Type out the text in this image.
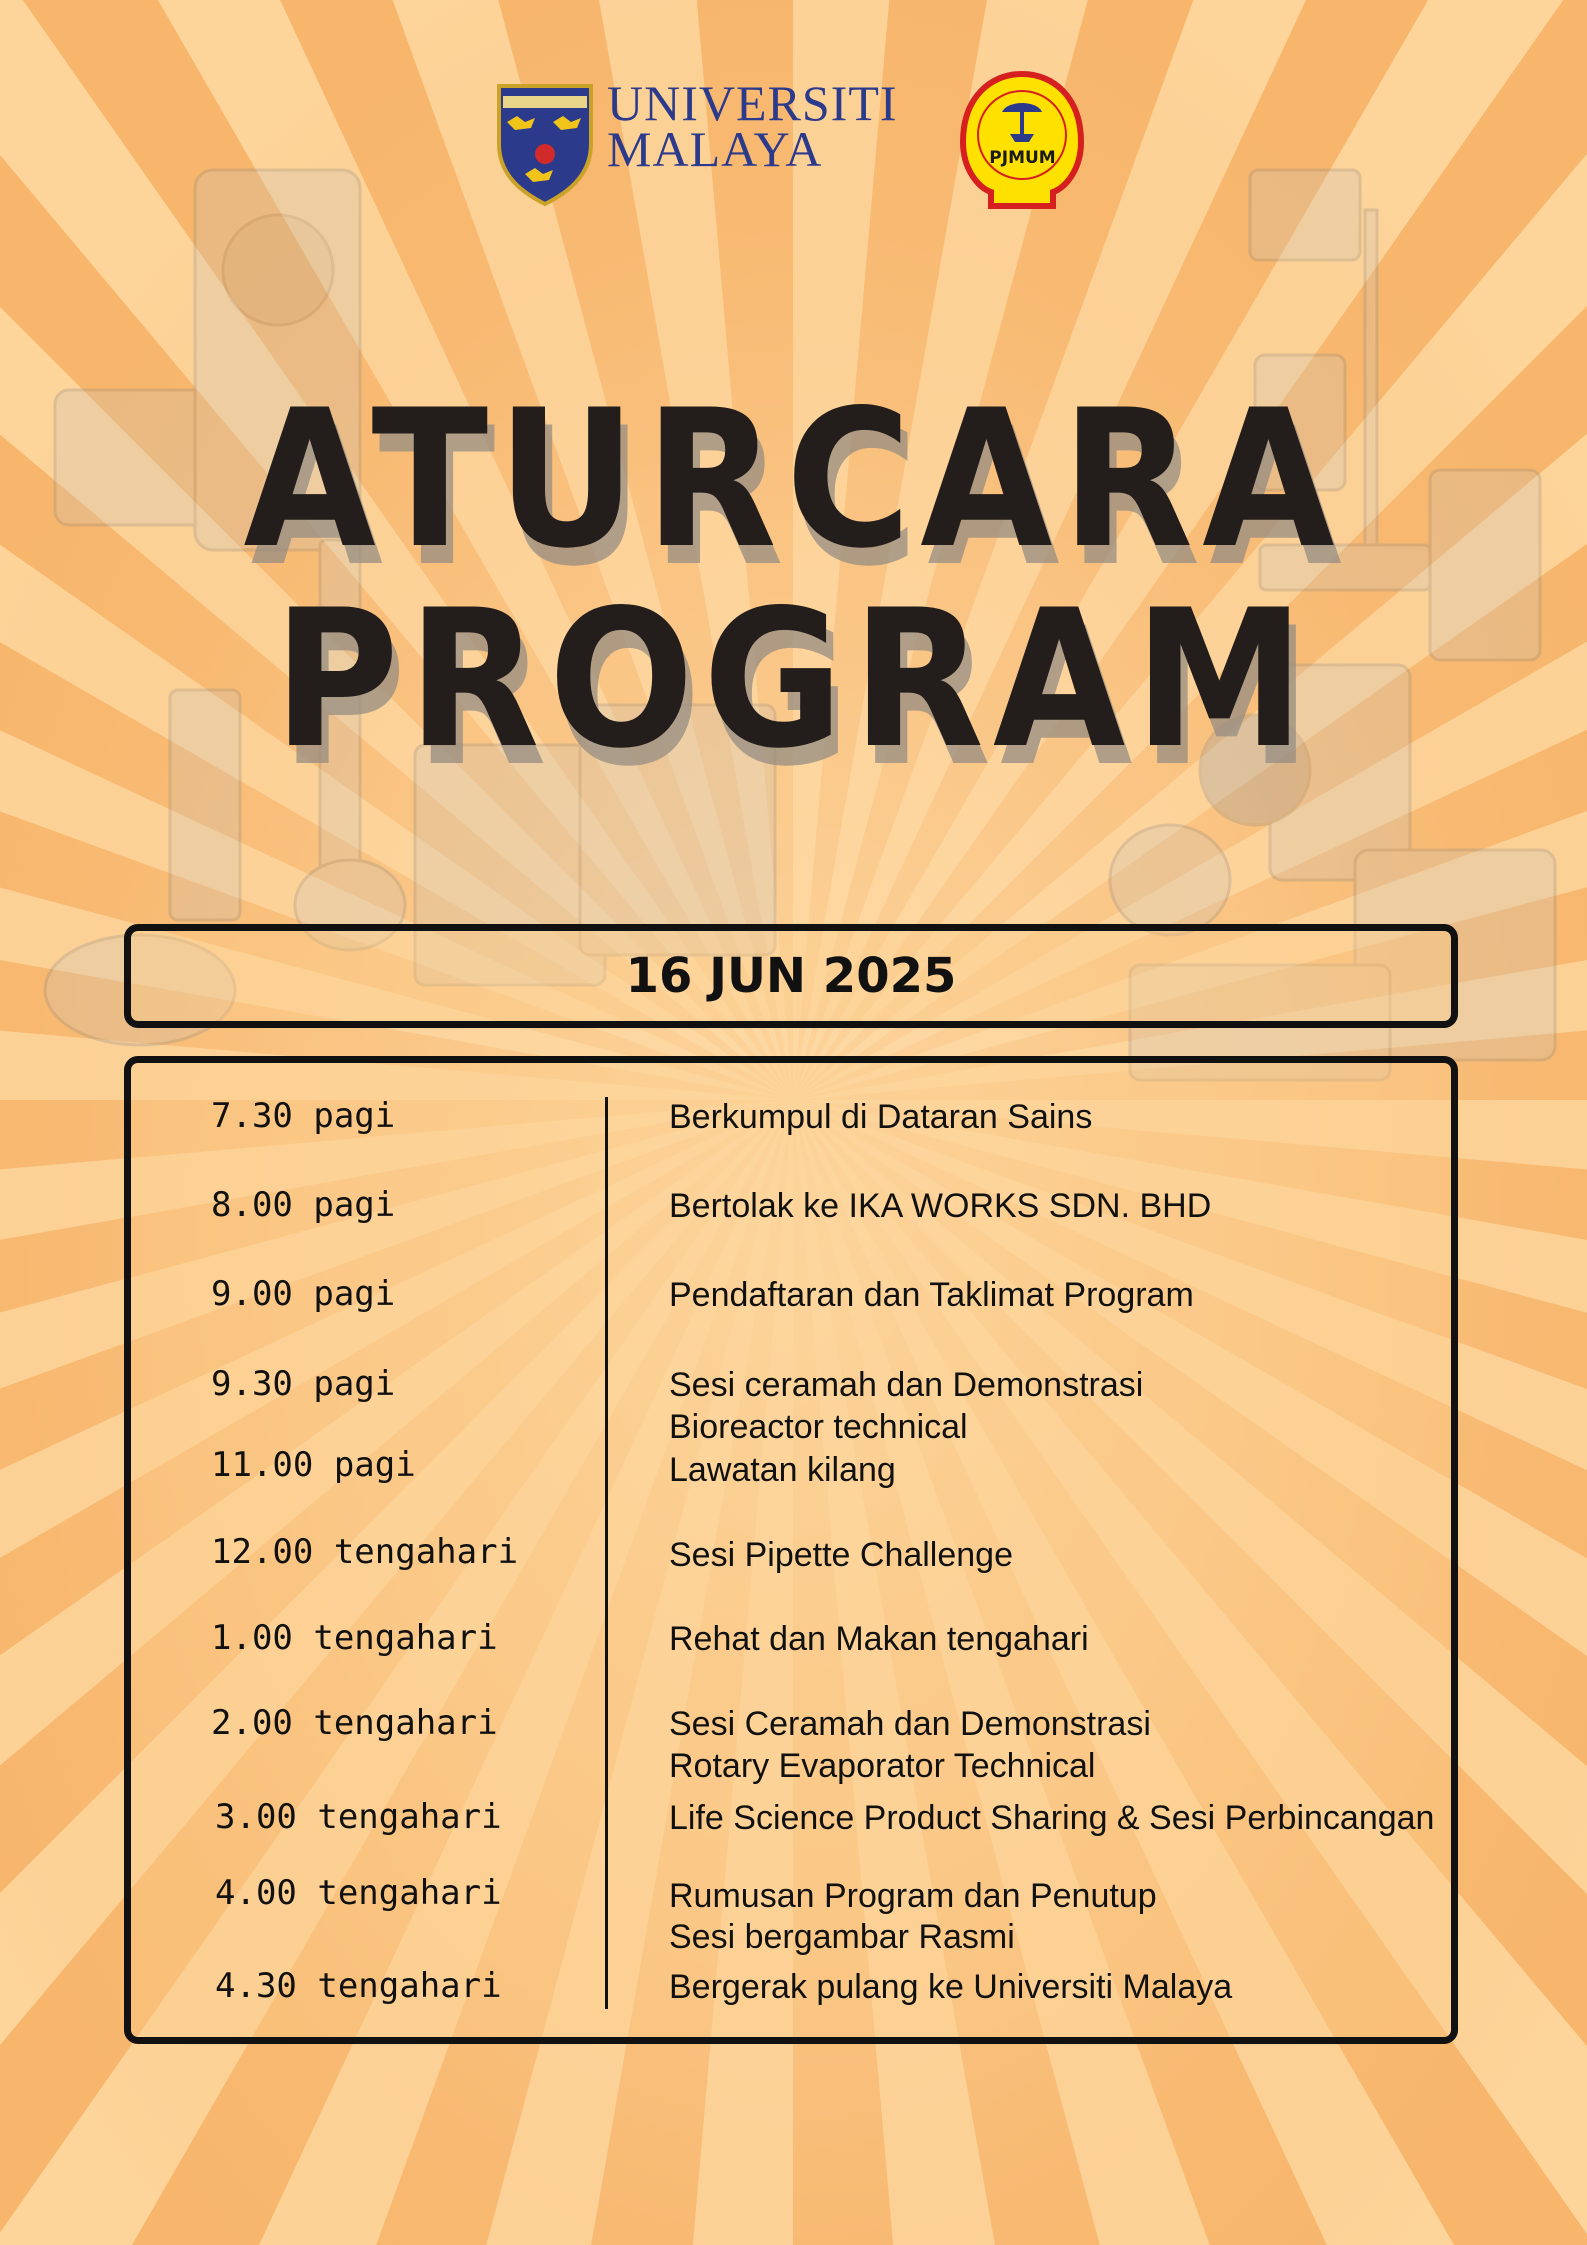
UNIVERSITI
MALAYA	PJMUM
ATURCARA
PROGRAM
16 JUN 2025
7.30 pagi	Berkumpul di Dataran Sains
8.00 pagi	Bertolak ke IKA WORKS SDN. BHD
9.00 pagi	Pendaftaran dan Taklimat Program
9.30 pagi	Sesi ceramah dan Demonstrasi
Bioreactor technical
11.00 pagi	Lawatan kilang
12.00 tengahari	Sesi Pipette Challenge
1.00 tengahari	Rehat dan Makan tengahari
2.00 tengahari	Sesi Ceramah dan Demonstrasi
Rotary Evaporator Technical
3.00 tengahari	Life Science Product Sharing & Sesi Perbincangan
4.00 tengahari	Rumusan Program dan Penutup
Sesi bergambar Rasmi
4.30 tengahari	Bergerak pulang ke Universiti Malaya
